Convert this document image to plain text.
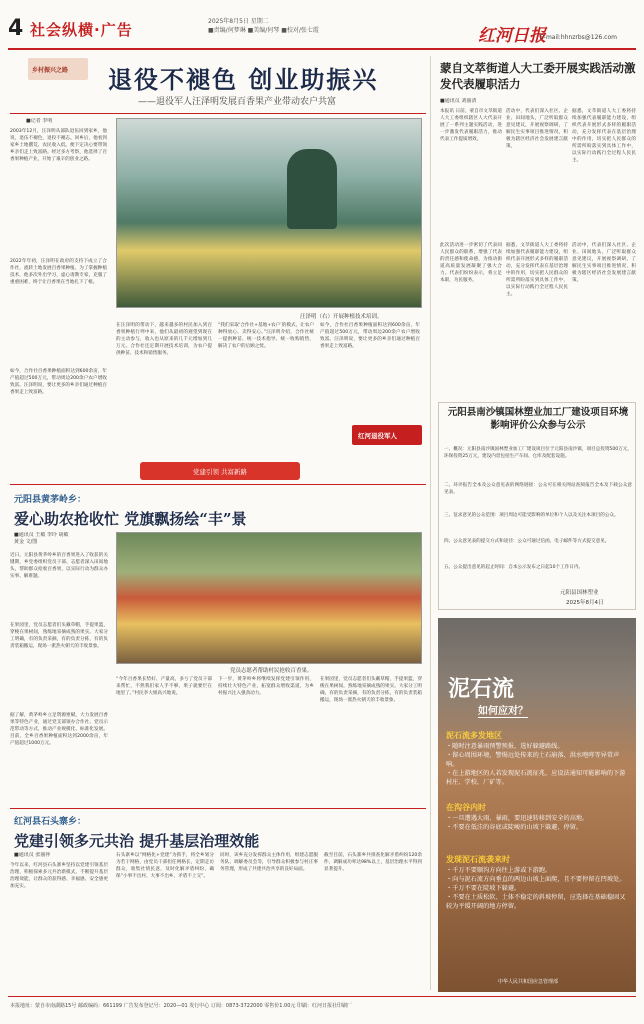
4 社会纵横·广告	2025年8月5日 星期二
■责编/何梦琳 ■美编/何琴 ■校对/张七霞	红河日报
E-mail:hhnzrbs@126.com
乡村振兴之路	退役不褪色 创业助振兴
——退役军人汪泽明发展百香果产业带动农户共富
■记者 李明
2003年12月，汪泽明从部队退伍回到家乡，他说，退伍不褪色，退役不褪志。回乡后，他看到家乡土地撂荒、农民收入低，便下定决心要带领乡亲们走上致富路。经过多方考察，他选择了百香果种植产业，开始了艰辛的创业之路。
2022年年初，汪泽明在政府的支持下成立了合作社，流转土地发展百香果种植。为了掌握种植技术，他多次外出学习，虚心请教专家，克服了重重困难，终于让百香果在当地扎下了根。
如今，合作社百香果种植面积达到600余亩，年产值超过500万元，带动周边200余户农户增收致富。汪泽明说，要让更多的乡亲们通过种植百香果走上致富路。
汪泽明（右）开展种植技术培训。
在汪泽明的带动下，越来越多的村民加入到百香果种植行列中来，他们从最初的观望到现在的主动参与，收入也从原来的几千元增加到几万元。合作社还定期开展技术培训，为农户提供种苗、技术和销售服务。
“我们采取‘合作社+基地+农户’的模式，让农户种得放心、卖得安心。”汪泽明介绍，合作社统一提供种苗、统一技术指导、统一收购销售，解决了农户的后顾之忧。
如今，合作社百香果种植面积达到600余亩，年产值超过500万元，带动周边200余户农户增收致富。汪泽明说，要让更多的乡亲们通过种植百香果走上致富路。
红河退役军人
党建引领 共富新路
元阳县黄茅岭乡：
爱心助农抢收忙 党旗飘扬绘“丰”景
■通讯员 王敏 李玲 胡敏
黄金 文/图
近日，元阳县黄茅岭乡的百香果进入了收获的关键期，乡党委组织党员干部、志愿者深入田间地头，帮助群众抢收百香果，以实际行动为群众办实事、解难题。
在果园里，党员志愿者们头戴草帽，手提果篮，穿梭在果树间，熟练地采摘成熟的果实。大家分工明确，有的负责采摘，有的负责分拣，有的负责装箱搬运，现场一派热火朝天的丰收景象。
据了解，黄茅岭乡立足资源禀赋，大力发展百香果等特色产业，通过党支部领办合作社、党员示范带动等方式，推动产业规模化、标准化发展。目前，全乡百香果种植面积达到2000余亩，年产值超过1000万元。
党员志愿者帮助村民抢收百香果。
“今年百香果长势好、产量高，多亏了党员干部来帮忙，不然我们家人手不够，果子就要烂在地里了。”村民李大姐高兴地说。
下一步，黄茅岭乡将继续发挥党建引领作用，持续壮大特色产业，拓宽群众增收渠道，为乡村振兴注入强劲动力。
在果园里，党员志愿者们头戴草帽，手提果篮，穿梭在果树间，熟练地采摘成熟的果实。大家分工明确，有的负责采摘，有的负责分拣，有的负责装箱搬运，现场一派热火朝天的丰收景象。
红河县石头寨乡：
党建引领多元共治 提升基层治理效能
■通讯员 张丽萍
今年以来，红河县石头寨乡坚持以党建引领基层治理，积极探索多元共治新模式，不断提升基层治理效能，让群众的获得感、幸福感、安全感更加充实。
石头寨乡以“网格化+党建”为抓手，将全乡划分为若干网格，由党员干部担任网格长，定期走访群众，收集社情民意，及时化解矛盾纠纷，确保“小事不出村、大事不出乡、矛盾不上交”。
同时，该乡充分发挥群众主体作用，组建志愿服务队、调解委员会等，引导群众积极参与村庄事务管理，形成了共建共治共享的良好局面。
截至目前，石头寨乡共排查化解矛盾纠纷120余件，调解成功率达98%以上，基层治理水平得到显著提升。
蒙自文萃街道人大工委开展实践活动激发代表履职活力
■通讯员 刘丽清
本报讯 日前，蒙自市文萃街道人大工委组织辖区人大代表开展了一系列主题实践活动，进一步激发代表履职活力，推动代表工作提质增效。
活动中，代表们深入社区、企业、田间地头，广泛听取群众意见建议，开展视察调研，了解民生实事项目推进情况，积极为辖区经济社会发展建言献策。
据悉，文萃街道人大工委将持续加强代表履职能力建设，组织代表开展形式多样的履职活动，充分发挥代表在基层治理中的作用，切实把人民群众的所需所盼落实到具体工作中，以实际行动践行全过程人民民主。
此次活动进一步密切了代表同人民群众的联系，增强了代表的责任感和使命感，为推动街道高质量发展凝聚了强大合力。代表们纷纷表示，将立足本职，为民服务。
据悉，文萃街道人大工委将持续加强代表履职能力建设，组织代表开展形式多样的履职活动，充分发挥代表在基层治理中的作用，切实把人民群众的所需所盼落实到具体工作中，以实际行动践行全过程人民民主。
活动中，代表们深入社区、企业、田间地头，广泛听取群众意见建议，开展视察调研，了解民生实事项目推进情况，积极为辖区经济社会发展建言献策。
元阳县南沙镇国林塑业加工厂建设项目环境影响评价公众参与公示
一、概况：元阳县南沙镇国林塑业加工厂建设项目位于元阳县南沙镇，项目总投资500万元，环保投资25万元，建设内容包括生产车间、仓库及配套设施。
二、环评报告全本及公众意见表的网络链接：公众可在相关网站查阅报告全本及下载公众意见表。
三、征求意见的公众范围：项目周边可能受影响的单位和个人以及关注本项目的公众。
四、公众意见表的提交方式和途径：公众可通过信函、电子邮件等方式提交意见。
五、公众提出意见的起止时间：自本公示发布之日起10个工作日内。
元阳县国林塑业
2025年8月4日
泥石流
如何应对？
泥石流多发地区
・随时注意暴雨预警预报，选好躲避路线。
・留心周围环境，警惕远处传来的土石崩落、洪水咆哮等异常声响。
・在上游地区的人若发现泥石流征兆，应设法通知可能影响的下游村庄、学校、厂矿等。
在沟谷内时
・一旦遭遇大雨、暴雨，要迅速转移到安全的高地。
・不要在低洼的谷底或陡峻的山坡下躲避、停留。
发现泥石流袭来时
・千万不要顺沟方向往上游或下游跑。
・向与泥石流方向垂直的两边山坡上面爬，且不要停留在凹坡处。
・千万不要在陡坡下躲避。
・不要在土质松软、土体不稳定的斜坡停留，应选择在基础稳固又较为平缓开阔的地方停留。
中华人民共和国应急管理部
本报地址：蒙自市南湖路15号 邮政编码：661199 广告发布登记号：2020—01 发行中心 订阅：0873-3722000 零售价1.00元 印刷：红河日报社印刷厂
